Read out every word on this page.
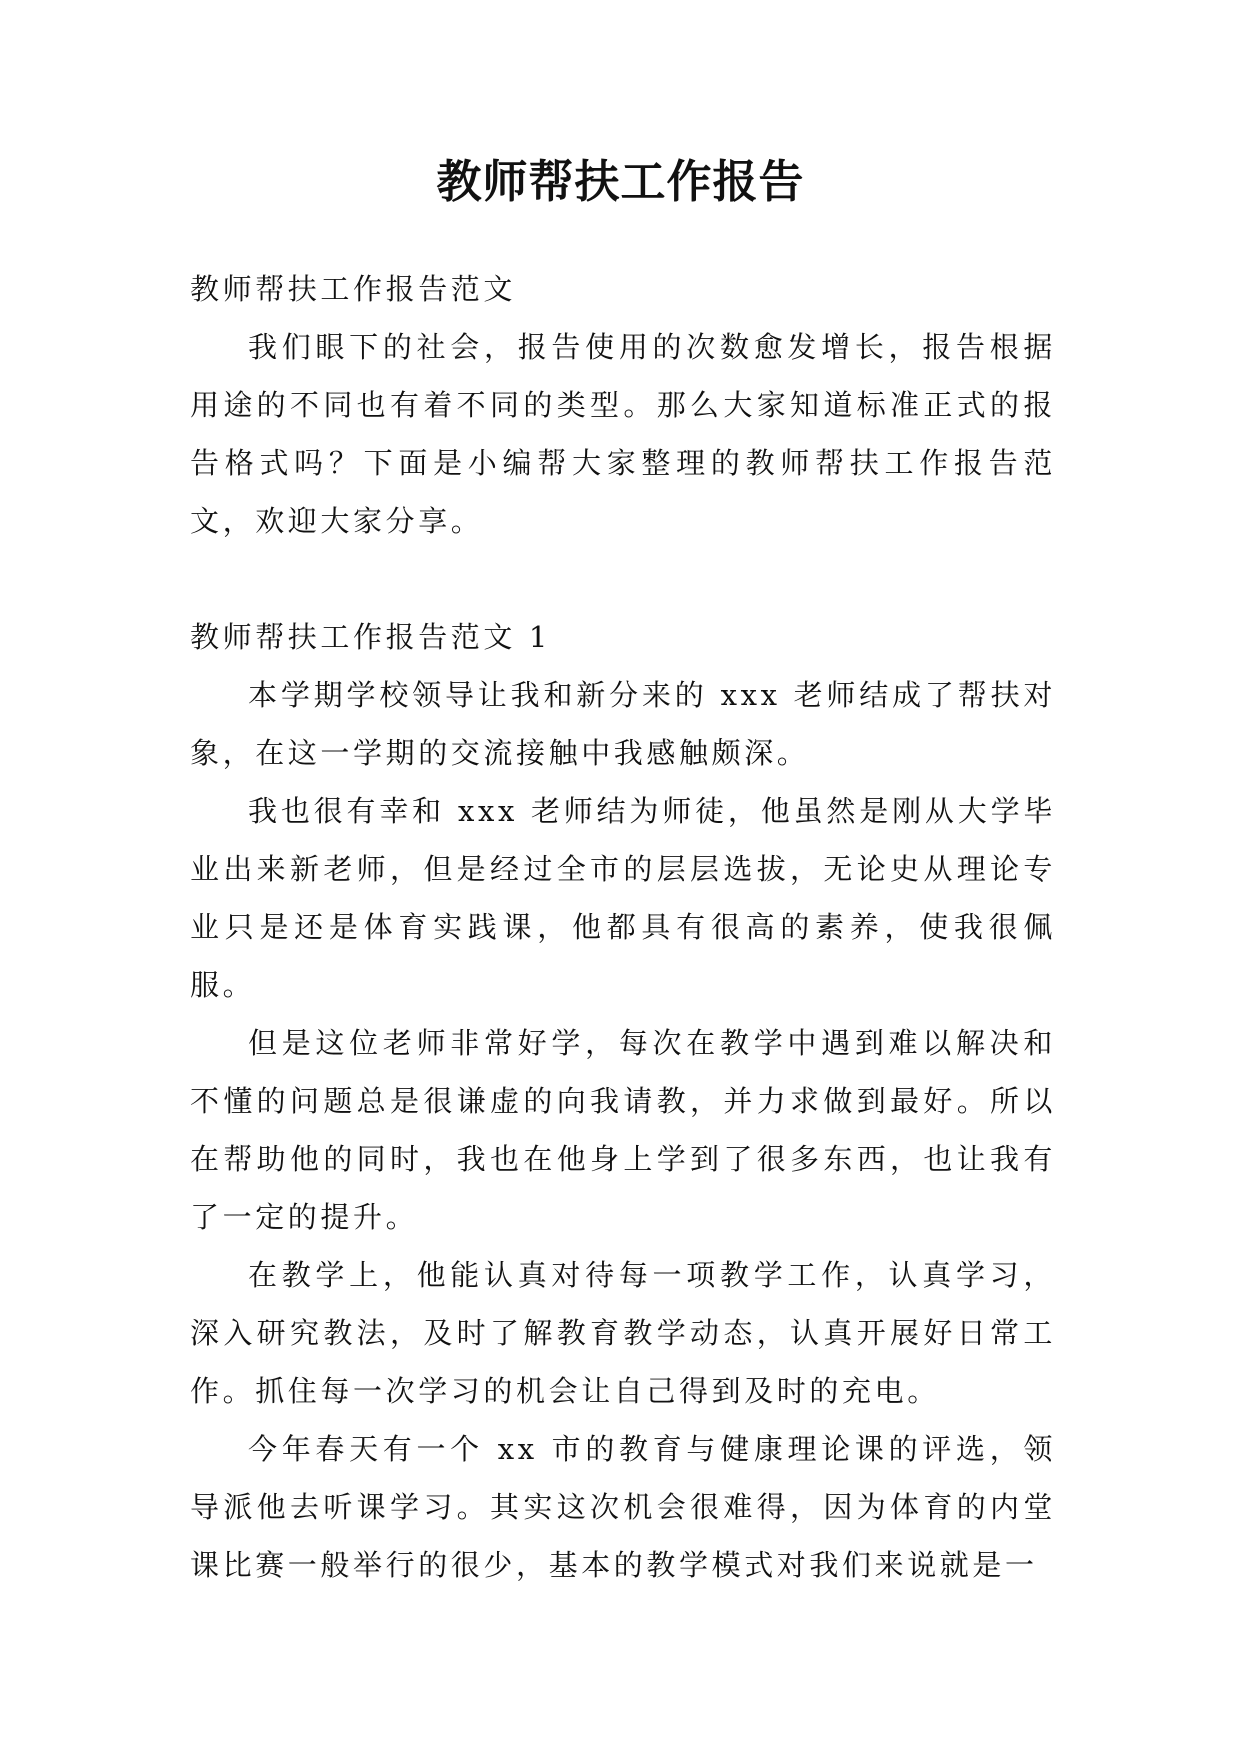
教师帮扶工作报告

教师帮扶工作报告范文

我们眼下的社会，报告使用的次数愈发增长，报告根据用途的不同也有着不同的类型。那么大家知道标准正式的报告格式吗？下面是小编帮大家整理的教师帮扶工作报告范文，欢迎大家分享。

教师帮扶工作报告范文 1

本学期学校领导让我和新分来的 xxx 老师结成了帮扶对象，在这一学期的交流接触中我感触颇深。

我也很有幸和 xxx 老师结为师徒，他虽然是刚从大学毕业出来新老师，但是经过全市的层层选拔，无论史从理论专业只是还是体育实践课，他都具有很高的素养，使我很佩服。

但是这位老师非常好学，每次在教学中遇到难以解决和不懂的问题总是很谦虚的向我请教，并力求做到最好。所以在帮助他的同时，我也在他身上学到了很多东西，也让我有了一定的提升。

在教学上，他能认真对待每一项教学工作，认真学习，深入研究教法，及时了解教育教学动态，认真开展好日常工作。抓住每一次学习的机会让自己得到及时的充电。

今年春天有一个 xx 市的教育与健康理论课的评选，领导派他去听课学习。其实这次机会很难得，因为体育的内堂课比赛一般举行的很少，基本的教学模式对我们来说就是一
